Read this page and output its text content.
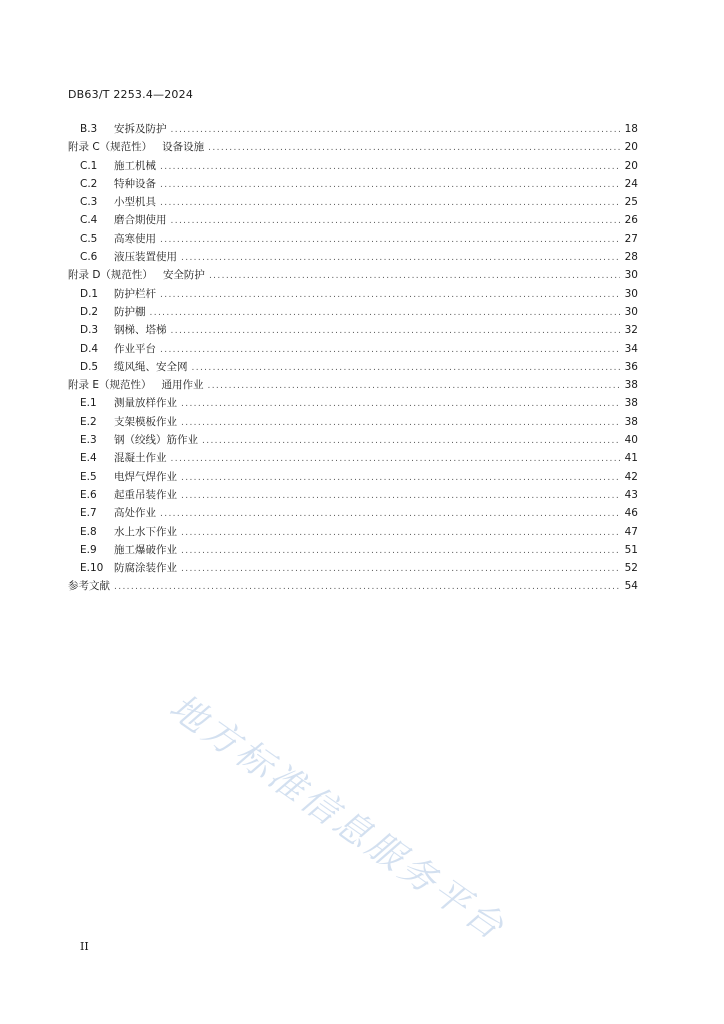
DB63/T 2253.4—2024
B.3	安拆及防护 . . .	18
附录 C（规范性） 设备设施 . . .	20
C.1	施工机械 . . .	20
C.2	特种设备 . . .	24
C.3	小型机具 . . .	25
C.4	磨合期使用 . . .	26
C.5	高寒使用 . . .	27
C.6	液压装置使用 . . .	28
附录 D（规范性） 安全防护 . . .	30
D.1	防护栏杆 . . .	30
D.2	防护棚 . . .	30
D.3	钢梯、塔梯 . . .	32
D.4	作业平台 . . .	34
D.5	缆风绳、安全网 . . .	36
附录 E（规范性） 通用作业 . . .	38
E.1	测量放样作业 . . .	38
E.2	支架模板作业 . . .	38
E.3	钢（绞线）筋作业 . . .	40
E.4	混凝土作业 . . .	41
E.5	电焊气焊作业 . . .	42
E.6	起重吊装作业 . . .	43
E.7	高处作业 . . .	46
E.8	水上水下作业 . . .	47
E.9	施工爆破作业 . . .	51
E.10	防腐涂装作业 . . .	52
参考文献 . . .	54
II 地方标准信息服务平台
